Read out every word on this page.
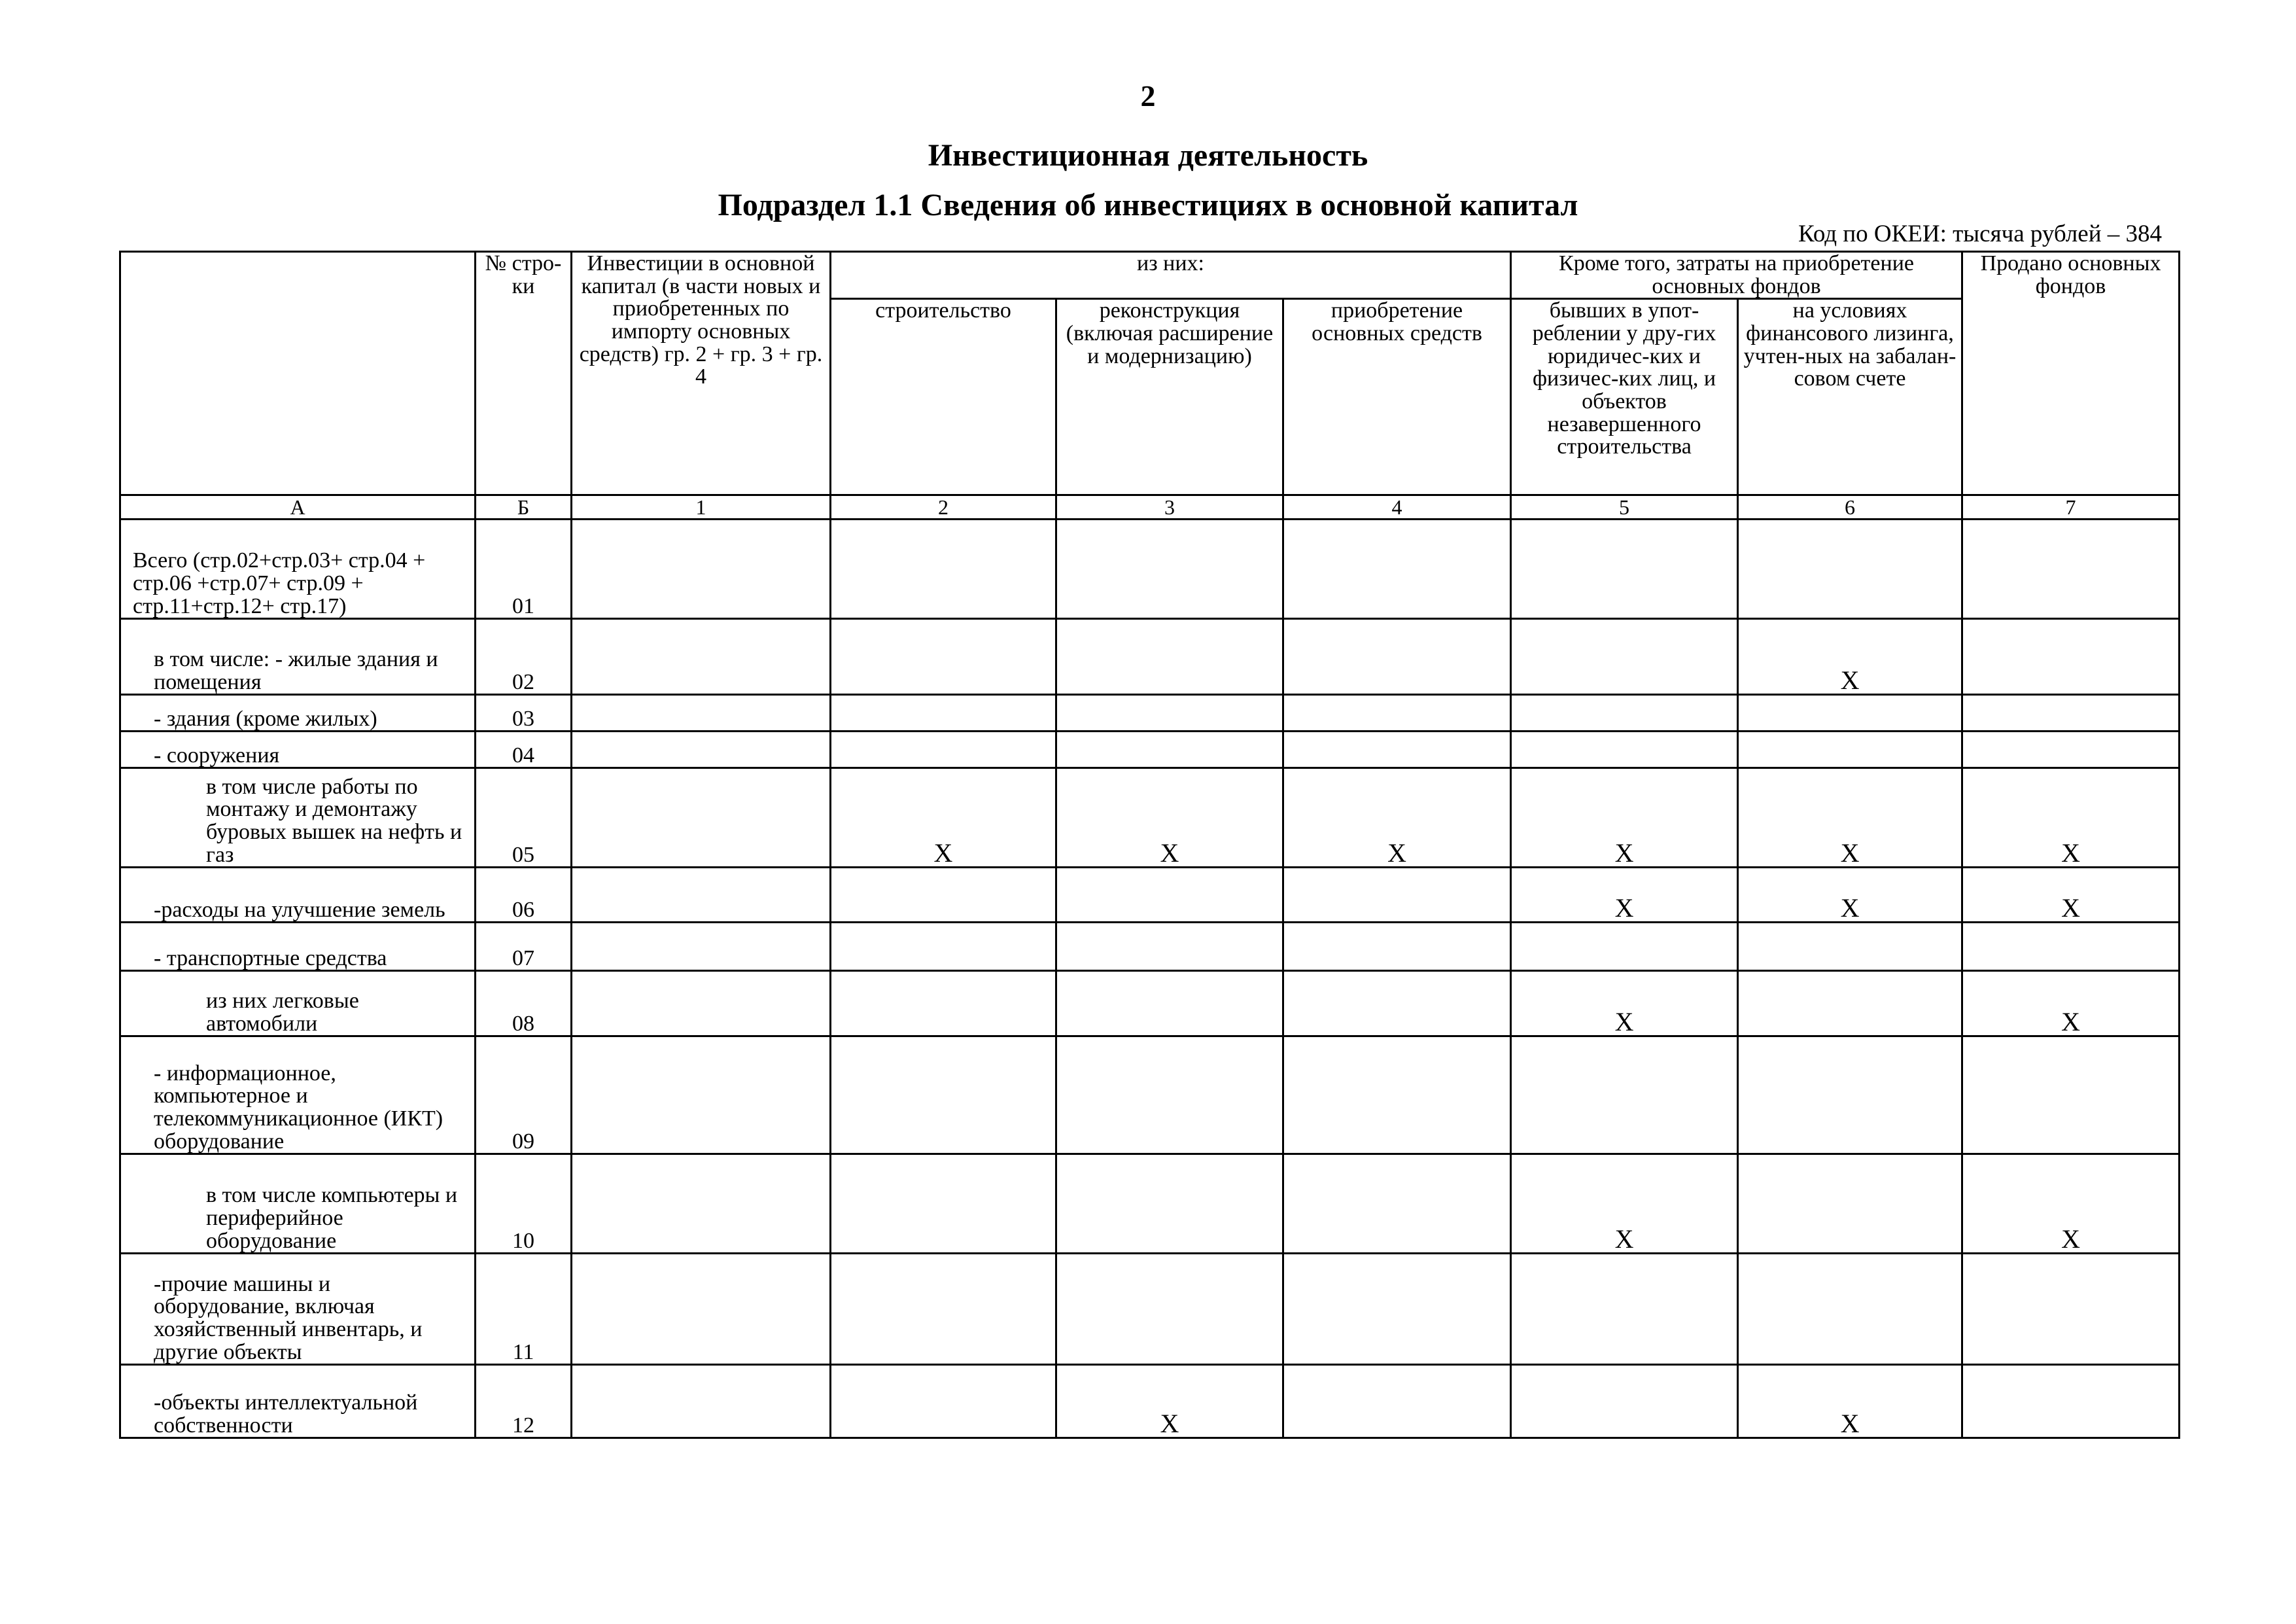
2
Инвестиционная деятельность
Подраздел 1.1 Сведения об инвестициях в основной капитал
Код по ОКЕИ: тысяча рублей – 384
	№ стро-ки	Инвестиции в основной капитал (в части новых и приобретенных по импорту основных средств) гр. 2 + гр. 3 + гр. 4	из них:			Кроме того, затраты на приобретение основных фондов		Продано основных фондов
			строительство	реконструкция (включая расширение и модернизацию)	приобретение основных средств	бывших в упот-реблении у дру-гих юридичес-ких и физичес-ких лиц, и объектов незавершенного строительства	на условиях финансового лизинга, учтен-ных на забалан-совом счете	
А	Б	1	2	3	4	5	6	7
Всего (стр.02+стр.03+ стр.04 + стр.06 +стр.07+ стр.09 + стр.11+стр.12+ стр.17)	01							
в том числе: - жилые здания и помещения	02						X	
- здания (кроме жилых)	03							
- сооружения	04							
в том числе работы по монтажу и демонтажу буровых вышек на нефть и газ	05		X	X	X	X	X	X
-расходы на улучшение земель	06					X	X	X
- транспортные средства	07							
из них легковые автомобили	08					X		X
- информационное, компьютерное и телекоммуникационное (ИКТ) оборудование	09							
в том числе компьютеры и периферийное оборудование	10					X		X
-прочие машины и оборудование, включая хозяйственный инвентарь, и другие объекты	11							
-объекты интеллектуальной собственности	12			X			X	
